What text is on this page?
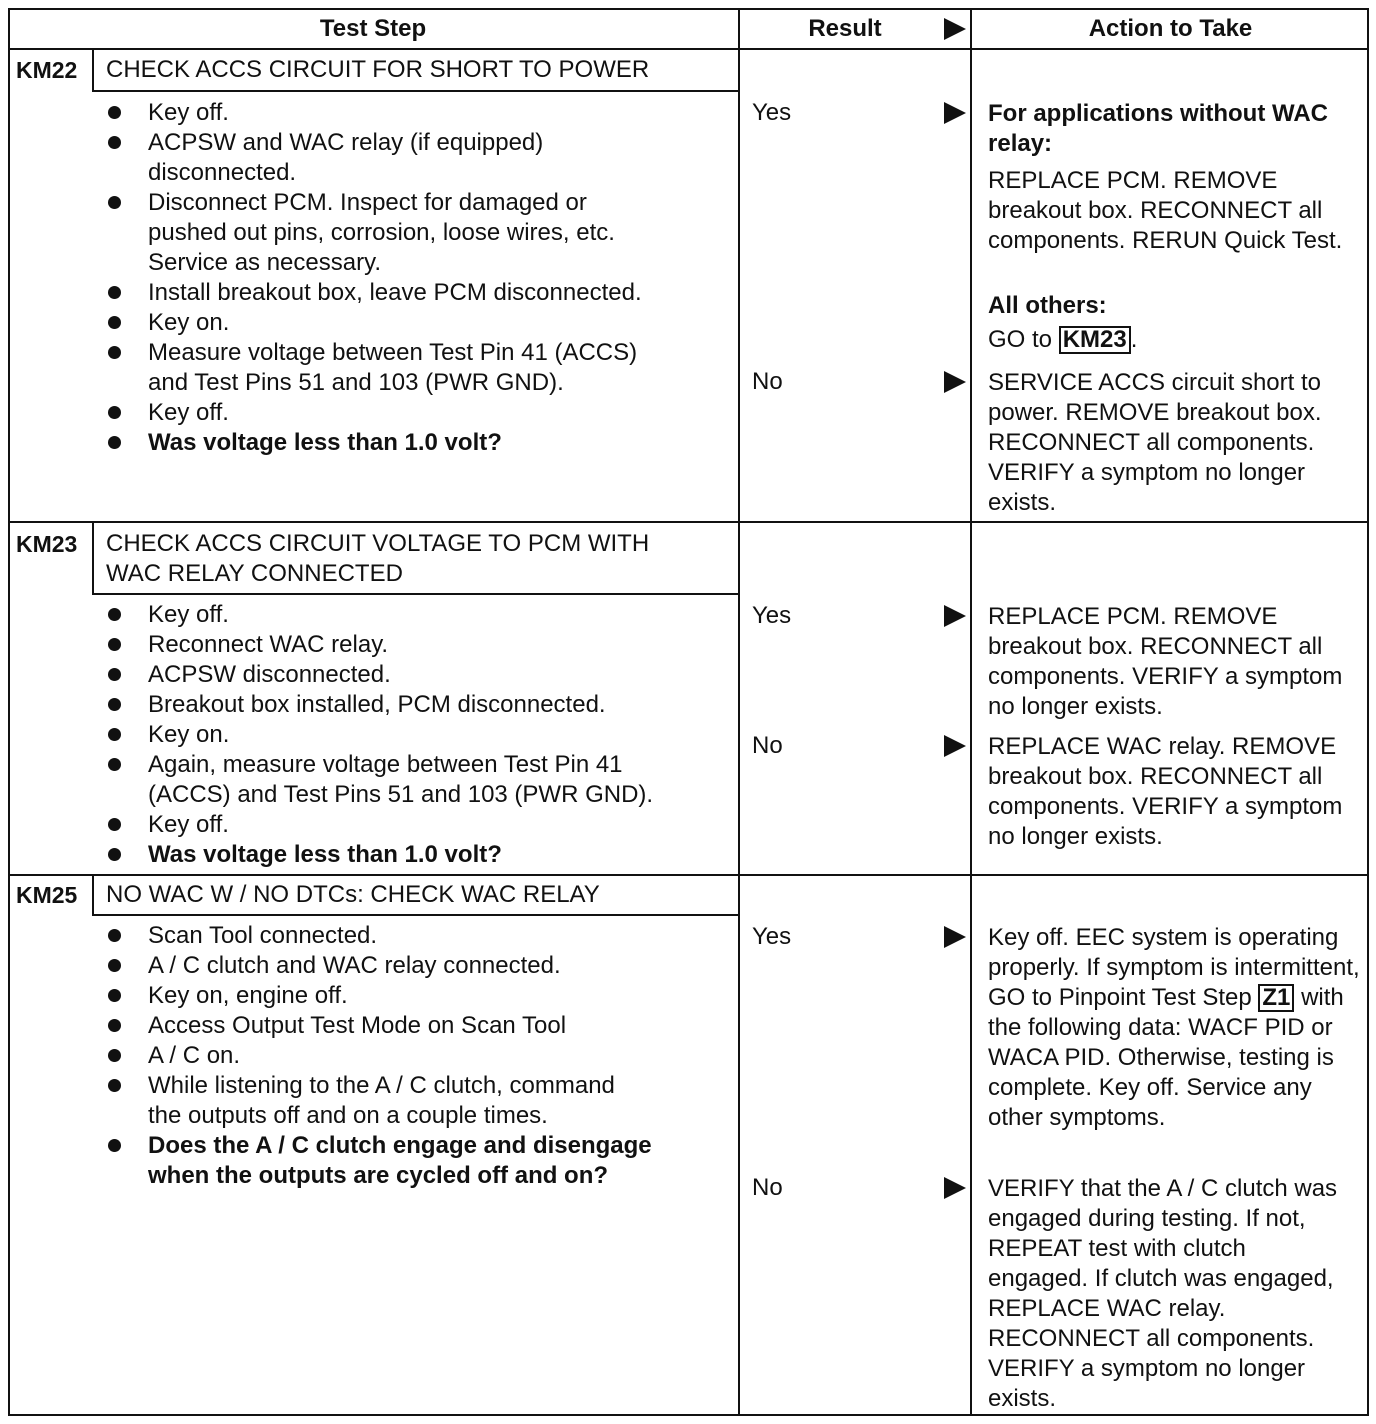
Test Step	Result	Action to Take
KM22 CHECK ACCS CIRCUIT FOR SHORT TO POWER
Key off.
ACPSW and WAC relay (if equipped)
disconnected.
Disconnect PCM. Inspect for damaged or
pushed out pins, corrosion, loose wires, etc.
Service as necessary.
Install breakout box, leave PCM disconnected.
Key on.
Measure voltage between Test Pin 41 (ACCS)
and Test Pins 51 and 103 (PWR GND).
Key off.
Was voltage less than 1.0 volt?
Yes	For applications without WAC relay:
REPLACE PCM. REMOVE breakout box. RECONNECT all components. RERUN Quick Test.
All others:
GO to KM23 .
No	SERVICE ACCS circuit short to power. REMOVE breakout box. RECONNECT all components. VERIFY a symptom no longer exists.
KM23 CHECK ACCS CIRCUIT VOLTAGE TO PCM WITH
WAC RELAY CONNECTED
Key off.
Reconnect WAC relay.
ACPSW disconnected.
Breakout box installed, PCM disconnected.
Key on.
Again, measure voltage between Test Pin 41
(ACCS) and Test Pins 51 and 103 (PWR GND).
Key off.
Was voltage less than 1.0 volt?
Yes	REPLACE PCM. REMOVE breakout box. RECONNECT all components. VERIFY a symptom no longer exists.
No	REPLACE WAC relay. REMOVE breakout box. RECONNECT all components. VERIFY a symptom no longer exists.
KM25 NO WAC W / NO DTCs: CHECK WAC RELAY
Scan Tool connected.
A / C clutch and WAC relay connected.
Key on, engine off.
Access Output Test Mode on Scan Tool
A / C on.
While listening to the A / C clutch, command
the outputs off and on a couple times.
Does the A / C clutch engage and disengage
when the outputs are cycled off and on?
Yes	Key off. EEC system is operating properly. If symptom is intermittent, GO to Pinpoint Test Step Z1 with the following data: WACF PID or WACA PID. Otherwise, testing is complete. Key off. Service any other symptoms.
No	VERIFY that the A / C clutch was engaged during testing. If not, REPEAT test with clutch engaged. If clutch was engaged, REPLACE WAC relay. RECONNECT all components. VERIFY a symptom no longer exists.
